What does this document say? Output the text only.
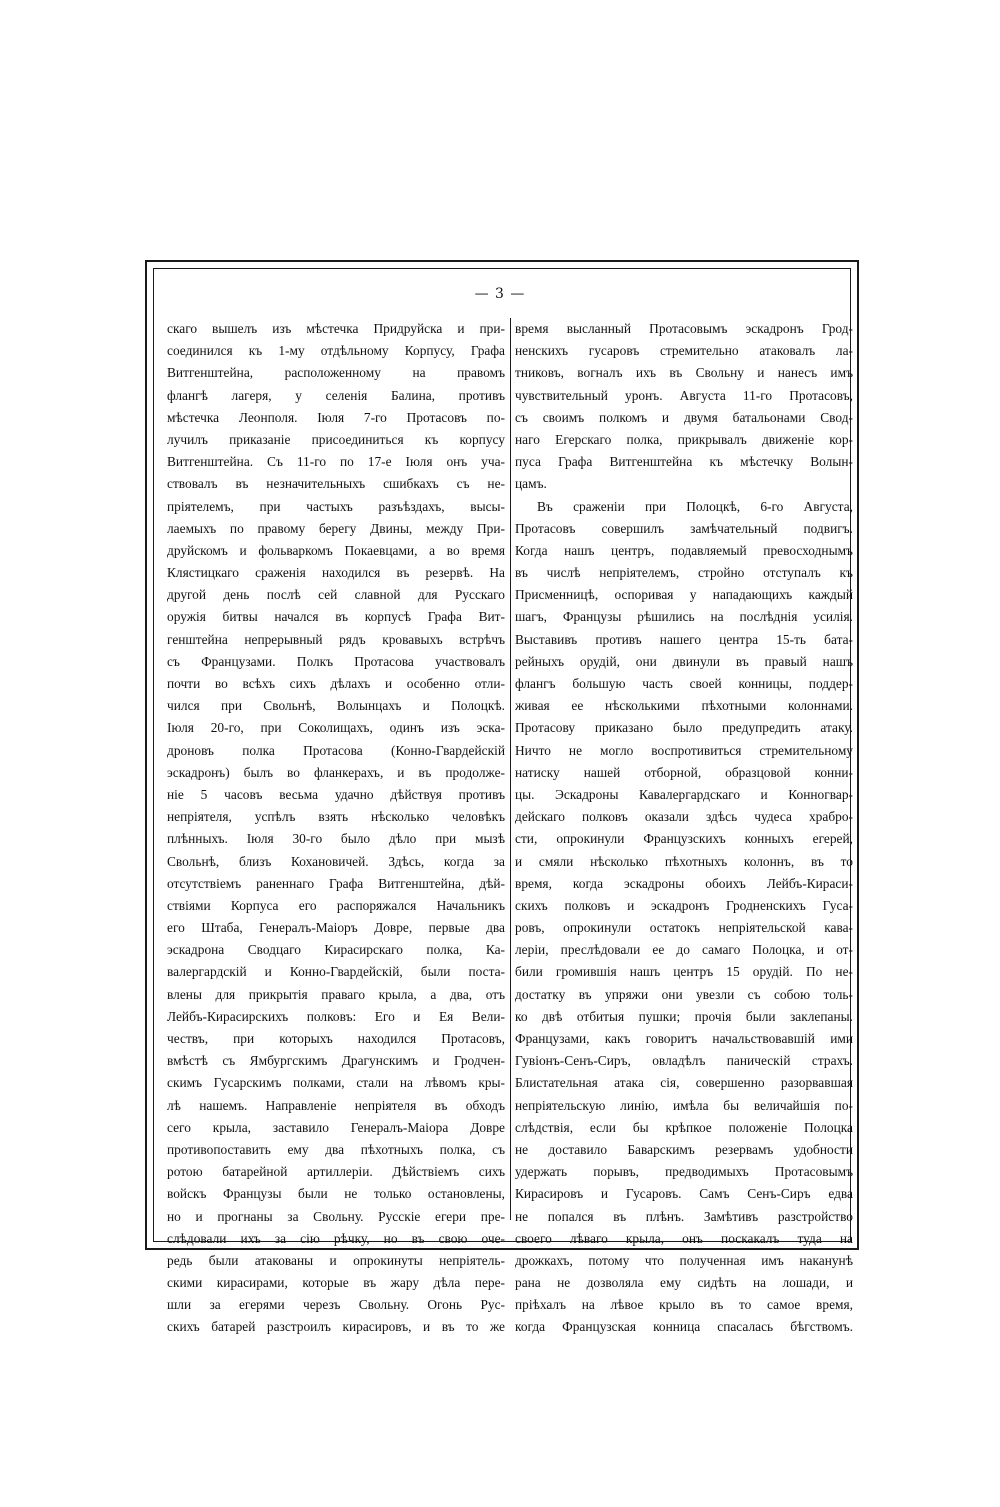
— 3 —
скаго вышелъ изъ мѣстечка Придруйска и при-
соединился къ 1-му отдѣльному Корпусу, Графа
Витгенштейна, расположенному на правомъ
флангѣ лагеря, у селенія Балина, противъ
мѣстечка Леонполя. Іюля 7-го Протасовъ по-
лучилъ приказаніе присоединиться къ корпусу
Витгенштейна. Съ 11-го по 17-е Іюля онъ уча-
ствовалъ въ незначительныхъ сшибкахъ съ не-
пріятелемъ, при частыхъ разъѣздахъ, высы-
лаемыхъ по правому берегу Двины, между При-
друйскомъ и фольваркомъ Покаевцами, а во время
Клястицкаго сраженія находился въ резервѣ. На
другой день послѣ сей славной для Русскаго
оружія битвы начался въ корпусѣ Графа Вит-
генштейна непрерывный рядъ кровавыхъ встрѣчъ
съ Французами. Полкъ Протасова участвовалъ
почти во всѣхъ сихъ дѣлахъ и особенно отли-
чился при Свольнѣ, Волынцахъ и Полоцкѣ.
Іюля 20-го, при Соколищахъ, одинъ изъ эска-
дроновъ полка Протасова (Конно-Гвардейскій
эскадронъ) былъ во фланкерахъ, и въ продолже-
ніе 5 часовъ весьма удачно дѣйствуя противъ
непріятеля, успѣлъ взять нѣсколько человѣкъ
плѣнныхъ. Іюля 30-го было дѣло при мызѣ
Свольнѣ, близъ Кохановичей. Здѣсь, когда за
отсутствіемъ раненнаго Графа Витгенштейна, дѣй-
ствіями Корпуса его распоряжался Начальникъ
его Штаба, Генералъ-Маіоръ Довре, первые два
эскадрона Сводцаго Кирасирскаго полка, Ка-
валергардскій и Конно-Гвардейскій, были поста-
влены для прикрытія праваго крыла, а два, отъ
Лейбъ-Кирасирскихъ полковъ: Его и Ея Вели-
чествъ, при которыхъ находился Протасовъ,
вмѣстѣ съ Ямбургскимъ Драгунскимъ и Гродчен-
скимъ Гусарскимъ полками, стали на лѣвомъ кры-
лѣ нашемъ. Направленіе непріятеля въ обходъ
сего крыла, заставило Генералъ-Маіора Довре
противопоставить ему два пѣхотныхъ полка, съ
ротою батарейной артиллеріи. Дѣйствіемъ сихъ
войскъ Французы были не только остановлены,
но и прогнаны за Свольну. Русскіе егери пре-
слѣдовали ихъ за сію рѣчку, но въ свою оче-
редь были атакованы и опрокинуты непріятель-
скими кирасирами, которые въ жару дѣла пере-
шли за егерями черезъ Свольну. Огонь Рус-
скихъ батарей разстроилъ кирасировъ, и въ то же
время высланный Протасовымъ эскадронъ Грод-
ненскихъ гусаровъ стремительно атаковалъ ла-
тниковъ, вогналъ ихъ въ Свольну и нанесъ имъ
чувствительный уронъ. Августа 11-го Протасовъ,
съ своимъ полкомъ и двумя батальонами Свод-
наго Егерскаго полка, прикрывалъ движеніе кор-
пуса Графа Витгенштейна къ мѣстечку Волын-
цамъ.
Въ сраженіи при Полоцкѣ, 6-го Августа,
Протасовъ совершилъ замѣчательный подвигъ.
Когда нашъ центръ, подавляемый превосходнымъ
въ числѣ непріятелемъ, стройно отступалъ къ
Присменницѣ, оспоривая у нападающихъ каждый
шагъ, Французы рѣшились на послѣднія усилія.
Выставивъ противъ нашего центра 15-ть бата-
рейныхъ орудій, они двинули въ правый нашъ
флангъ большую часть своей конницы, поддер-
живая ее нѣсколькими пѣхотными колоннами.
Протасову приказано было предупредить атаку.
Ничто не могло воспротивиться стремительному
натиску нашей отборной, образцовой конни-
цы. Эскадроны Кавалергардскаго и Конногвар-
дейскаго полковъ оказали здѣсь чудеса храбро-
сти, опрокинули Французскихъ конныхъ егерей,
и смяли нѣсколько пѣхотныхъ колоннъ, въ то
время, когда эскадроны обоихъ Лейбъ-Кираси-
скихъ полковъ и эскадронъ Гродненскихъ Гуса-
ровъ, опрокинули остатокъ непріятельской кава-
леріи, преслѣдовали ее до самаго Полоцка, и от-
били громившія нашъ центръ 15 орудій. По не-
достатку въ упряжи они увезли съ собою толь-
ко двѣ отбитыя пушки; прочія были заклепаны.
Французами, какъ говоритъ начальствовавшій ими
Гувіонъ-Сенъ-Сиръ, овладѣлъ паническій страхъ.
Блистательная атака сія, совершенно разорвавшая
непріятельскую линію, имѣла бы величайшія по-
слѣдствія, если бы крѣпкое положеніе Полоцка
не доставило Баварскимъ резервамъ удобности
удержать порывъ, предводимыхъ Протасовымъ
Кирасировъ и Гусаровъ. Самъ Сенъ-Сиръ едва
не попался въ плѣнъ. Замѣтивъ разстройство
своего лѣваго крыла, онъ поскакалъ туда на
дрожкахъ, потому что полученная имъ наканунѣ
рана не дозволяла ему сидѣть на лошади, и
пріѣхалъ на лѣвое крыло въ то самое время,
когда Французская конница спасалась бѣгствомъ.
